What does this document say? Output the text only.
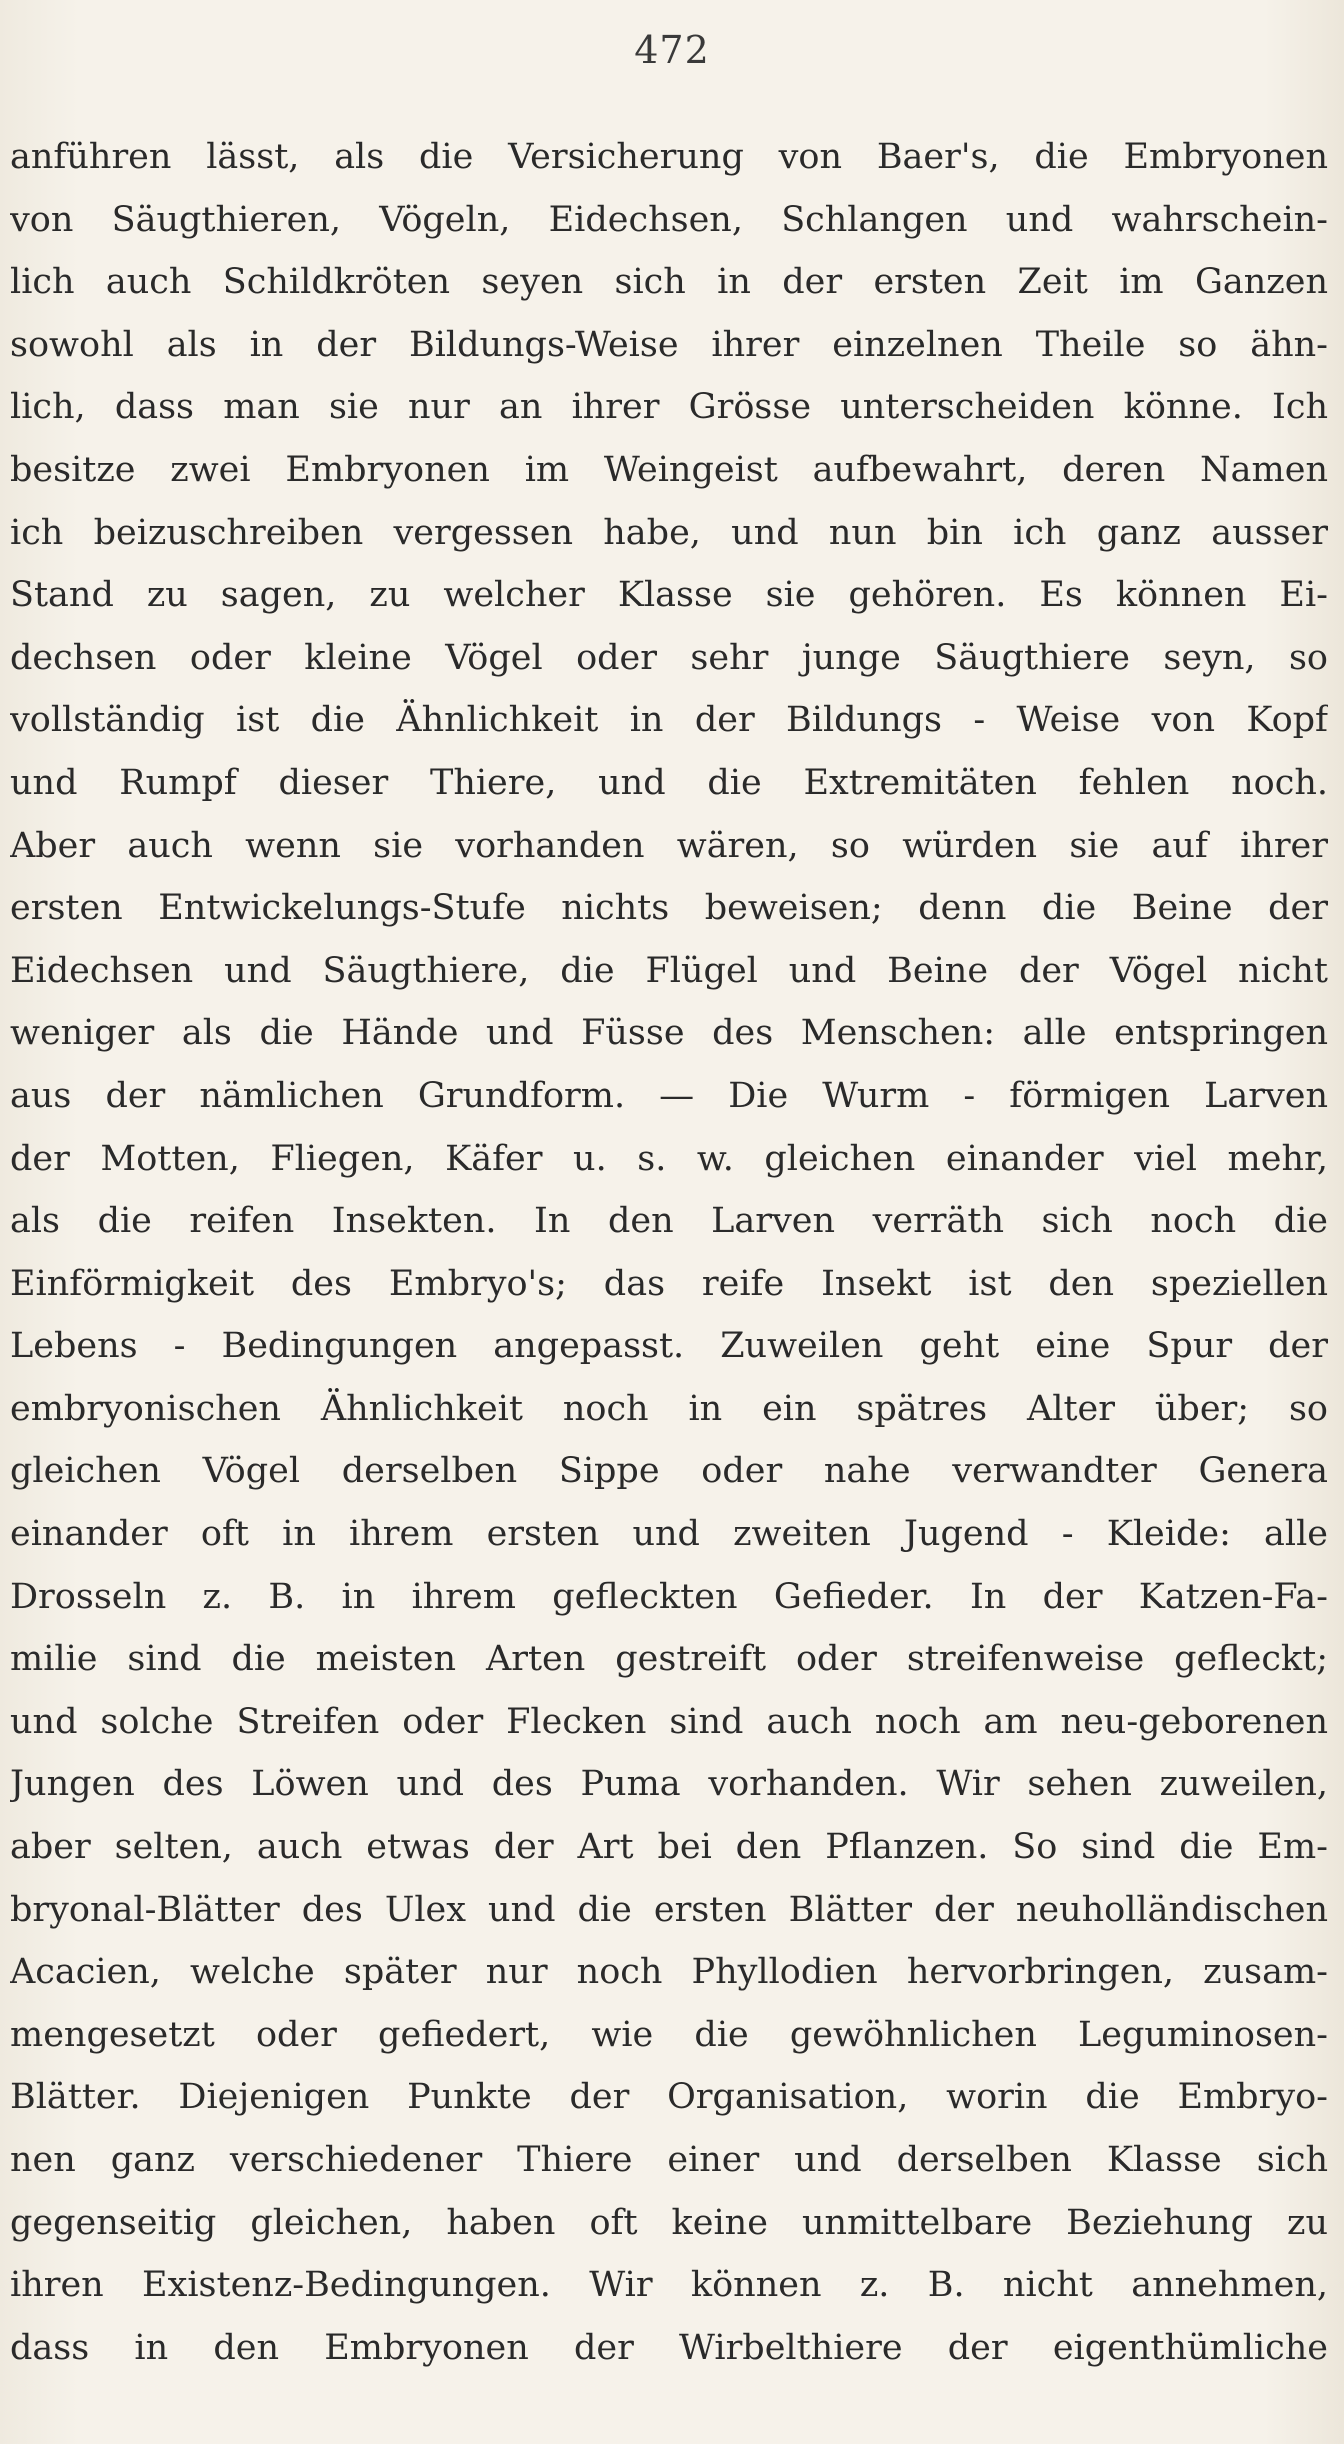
472
anführen lässt, als die Versicherung von Baer's, die Embryonen
von Säugthieren, Vögeln, Eidechsen, Schlangen und wahrschein-
lich auch Schildkröten seyen sich in der ersten Zeit im Ganzen
sowohl als in der Bildungs-Weise ihrer einzelnen Theile so ähn-
lich, dass man sie nur an ihrer Grösse unterscheiden könne. Ich
besitze zwei Embryonen im Weingeist aufbewahrt, deren Namen
ich beizuschreiben vergessen habe, und nun bin ich ganz ausser
Stand zu sagen, zu welcher Klasse sie gehören. Es können Ei-
dechsen oder kleine Vögel oder sehr junge Säugthiere seyn, so
vollständig ist die Ähnlichkeit in der Bildungs - Weise von Kopf
und Rumpf dieser Thiere, und die Extremitäten fehlen noch.
Aber auch wenn sie vorhanden wären, so würden sie auf ihrer
ersten Entwickelungs-Stufe nichts beweisen; denn die Beine der
Eidechsen und Säugthiere, die Flügel und Beine der Vögel nicht
weniger als die Hände und Füsse des Menschen: alle entspringen
aus der nämlichen Grundform. — Die Wurm - förmigen Larven
der Motten, Fliegen, Käfer u. s. w. gleichen einander viel mehr,
als die reifen Insekten. In den Larven verräth sich noch die
Einförmigkeit des Embryo's; das reife Insekt ist den speziellen
Lebens - Bedingungen angepasst. Zuweilen geht eine Spur der
embryonischen Ähnlichkeit noch in ein spätres Alter über; so
gleichen Vögel derselben Sippe oder nahe verwandter Genera
einander oft in ihrem ersten und zweiten Jugend - Kleide: alle
Drosseln z. B. in ihrem gefleckten Gefieder. In der Katzen-Fa-
milie sind die meisten Arten gestreift oder streifenweise gefleckt;
und solche Streifen oder Flecken sind auch noch am neu-geborenen
Jungen des Löwen und des Puma vorhanden. Wir sehen zuweilen,
aber selten, auch etwas der Art bei den Pflanzen. So sind die Em-
bryonal-Blätter des Ulex und die ersten Blätter der neuholländischen
Acacien, welche später nur noch Phyllodien hervorbringen, zusam-
mengesetzt oder gefiedert, wie die gewöhnlichen Leguminosen-
Blätter. Diejenigen Punkte der Organisation, worin die Embryo-
nen ganz verschiedener Thiere einer und derselben Klasse sich
gegenseitig gleichen, haben oft keine unmittelbare Beziehung zu
ihren Existenz-Bedingungen. Wir können z. B. nicht annehmen,
dass in den Embryonen der Wirbelthiere der eigenthümliche
